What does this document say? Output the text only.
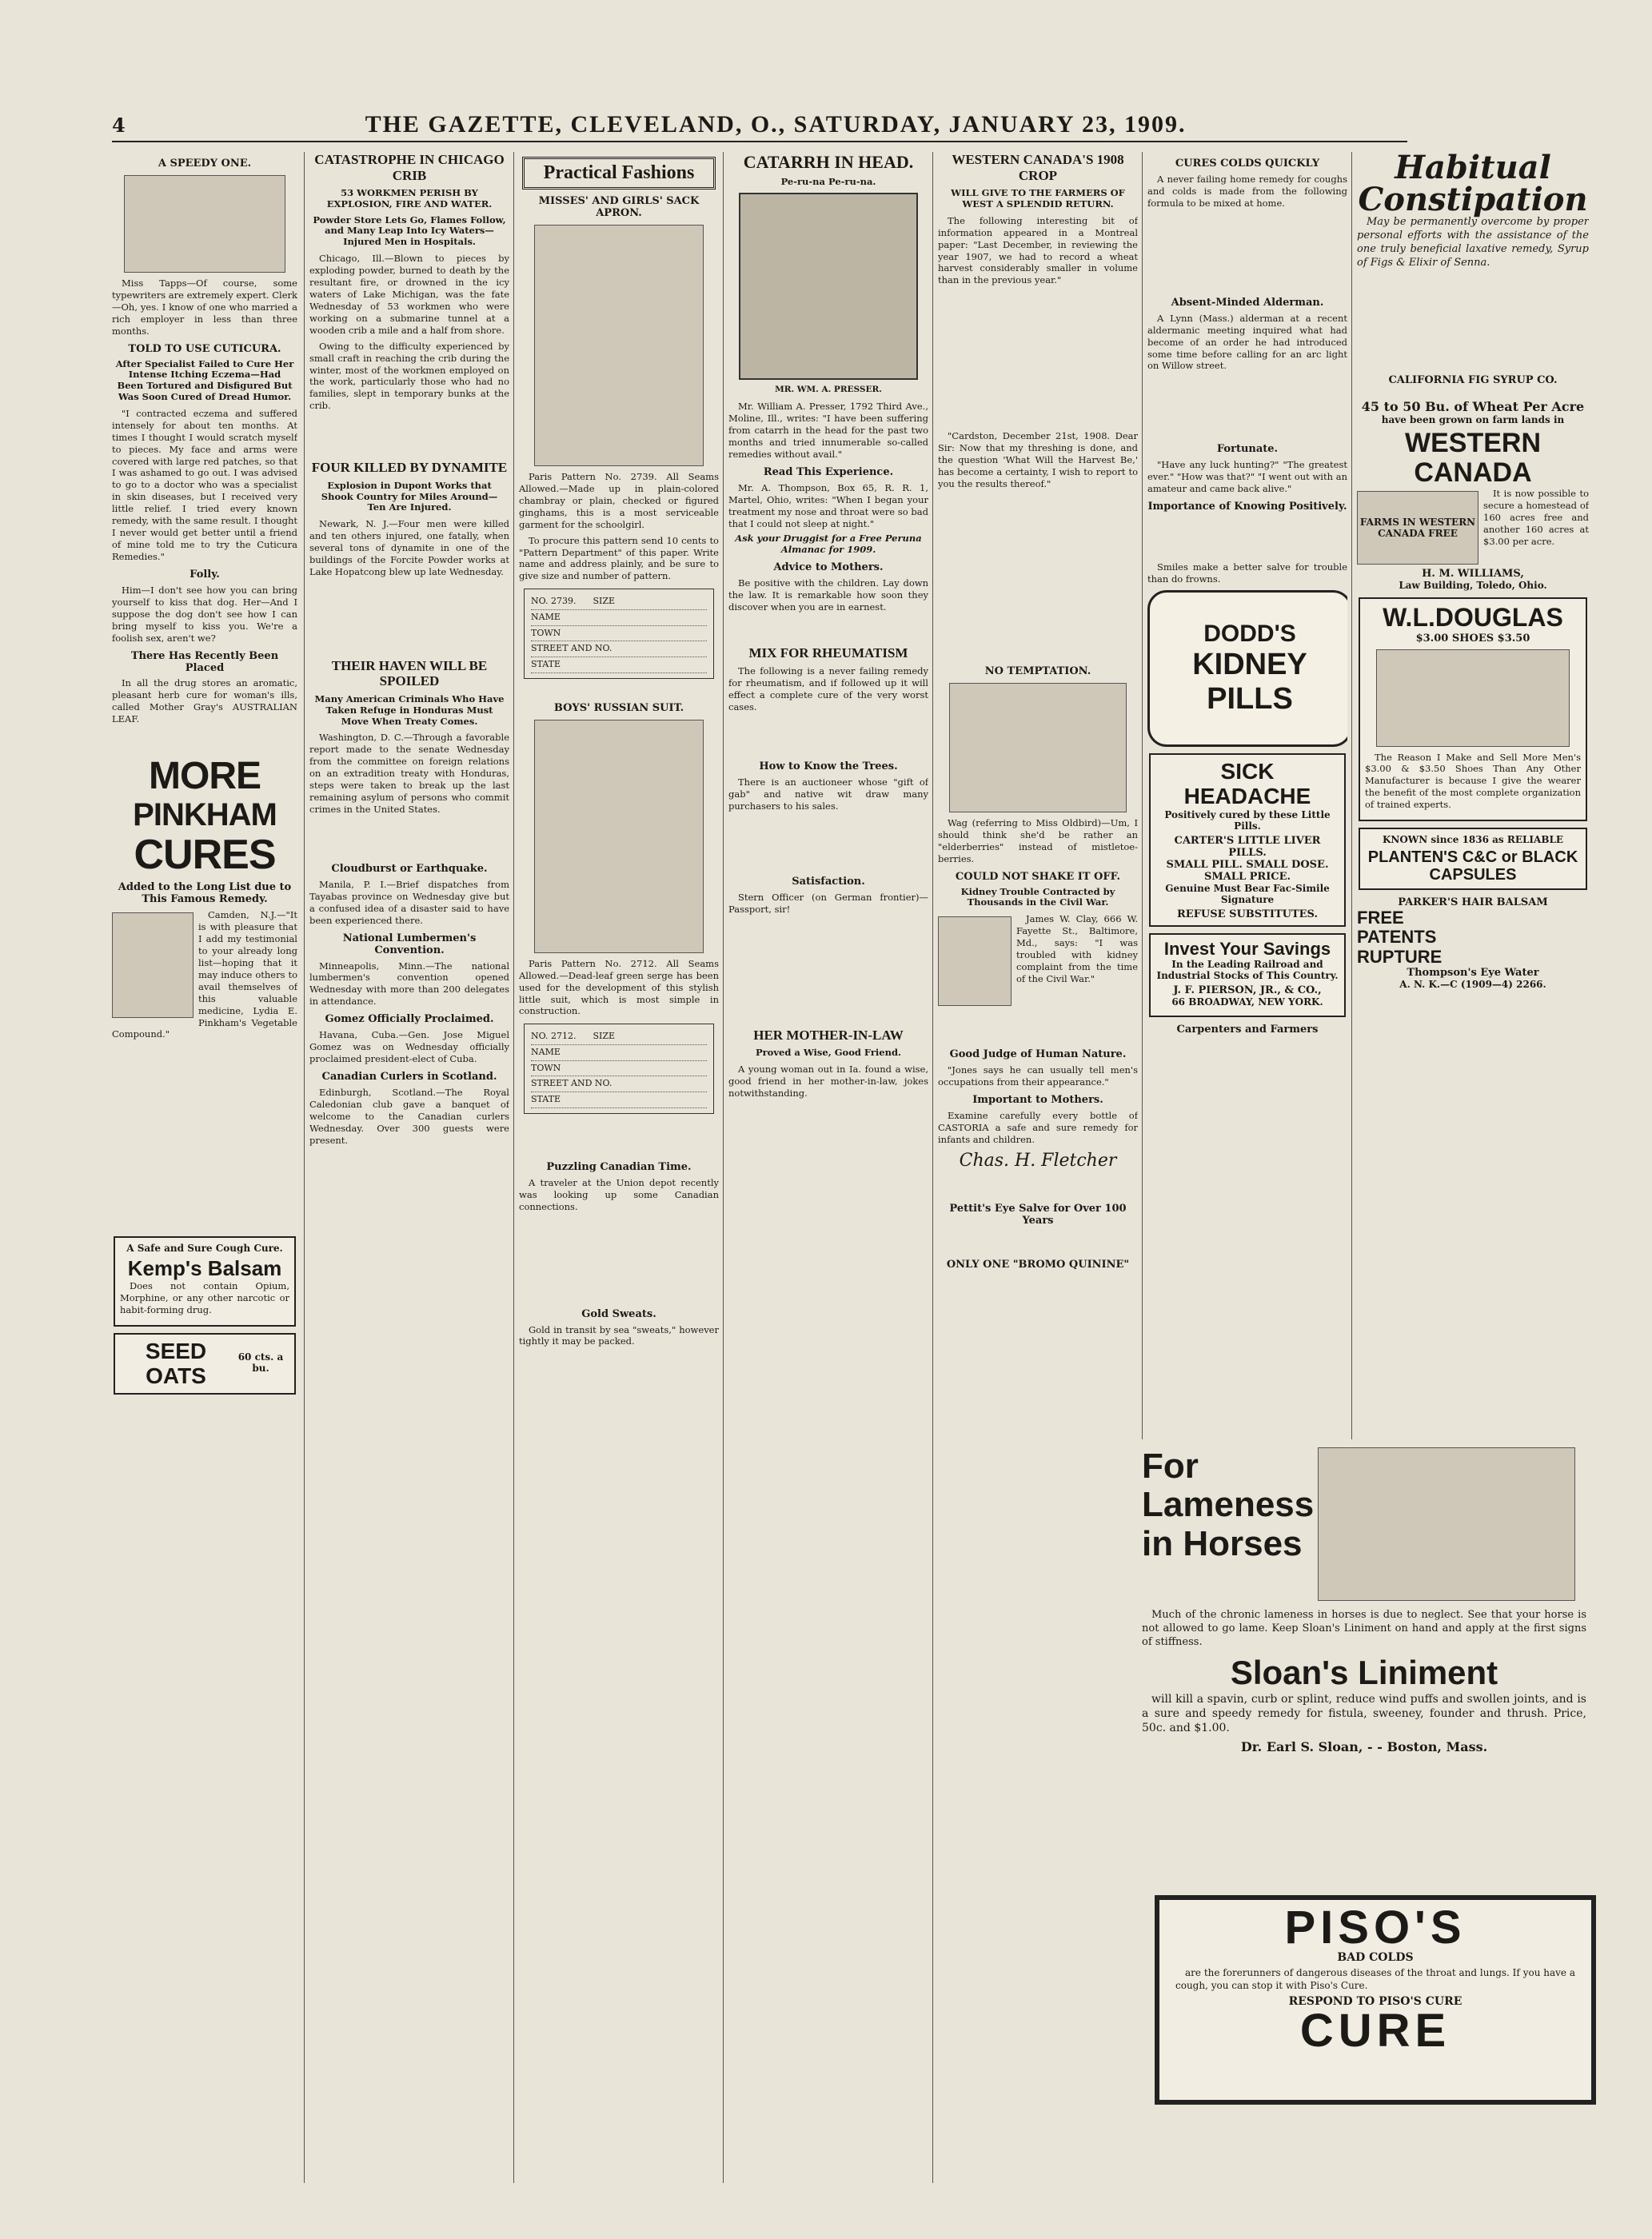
4	THE GAZETTE, CLEVELAND, O., SATURDAY, JANUARY 23, 1909.
A SPEEDY ONE.

Miss Tapps—Of course, some typewriters are extremely expert. Clerk—Oh, yes. I know of one who married a rich employer in less than three months.

TOLD TO USE CUTICURA.
After Specialist Failed to Cure Her Intense Itching Eczema—Had Been Tortured and Disfigured But Was Soon Cured of Dread Humor.

"I contracted eczema and suffered intensely for about ten months. At times I thought I would scratch myself to pieces. My face and arms were covered with large red patches, so that I was ashamed to go out. I was advised to go to a doctor who was a specialist in skin diseases, but I received very little relief. I tried every known remedy, with the same result. I thought I never would get better until a friend of mine told me to try the Cuticura Remedies."

Folly.

Him—I don't see how you can bring yourself to kiss that dog. Her—And I suppose the dog don't see how I can bring myself to kiss you. We're a foolish sex, aren't we?

There Has Recently Been Placed

In all the drug stores an aromatic, pleasant herb cure for woman's ills, called Mother Gray's AUSTRALIAN LEAF.

MORE
PINKHAM
CURES
Added to the Long List due to This Famous Remedy.

Camden, N.J.—"It is with pleasure that I add my testimonial to your already long list—hoping that it may induce others to avail themselves of this valuable medicine, Lydia E. Pinkham's Vegetable Compound."

A Safe and Sure Cough Cure.
Kemp's Balsam

Does not contain Opium, Morphine, or any other narcotic or habit-forming drug.

SEED OATS
60 cts. a bu.
CATASTROPHE IN CHICAGO CRIB
53 WORKMEN PERISH BY EXPLOSION, FIRE AND WATER.
Powder Store Lets Go, Flames Follow, and Many Leap Into Icy Waters—Injured Men in Hospitals.

Chicago, Ill.—Blown to pieces by exploding powder, burned to death by the resultant fire, or drowned in the icy waters of Lake Michigan, was the fate Wednesday of 53 workmen who were working on a submarine tunnel at a wooden crib a mile and a half from shore.

Owing to the difficulty experienced by small craft in reaching the crib during the winter, most of the workmen employed on the work, particularly those who had no families, slept in temporary bunks at the crib.

FOUR KILLED BY DYNAMITE
Explosion in Dupont Works that Shook Country for Miles Around—Ten Are Injured.

Newark, N. J.—Four men were killed and ten others injured, one fatally, when several tons of dynamite in one of the buildings of the Forcite Powder works at Lake Hopatcong blew up late Wednesday.

THEIR HAVEN WILL BE SPOILED
Many American Criminals Who Have Taken Refuge in Honduras Must Move When Treaty Comes.

Washington, D. C.—Through a favorable report made to the senate Wednesday from the committee on foreign relations on an extradition treaty with Honduras, steps were taken to break up the last remaining asylum of persons who commit crimes in the United States.

Cloudburst or Earthquake.

Manila, P. I.—Brief dispatches from Tayabas province on Wednesday give but a confused idea of a disaster said to have been experienced there.

National Lumbermen's Convention.

Minneapolis, Minn.—The national lumbermen's convention opened Wednesday with more than 200 delegates in attendance.

Gomez Officially Proclaimed.

Havana, Cuba.—Gen. Jose Miguel Gomez was on Wednesday officially proclaimed president-elect of Cuba.

Canadian Curlers in Scotland.

Edinburgh, Scotland.—The Royal Caledonian club gave a banquet of welcome to the Canadian curlers Wednesday. Over 300 guests were present.

Practical Fashions
MISSES' AND GIRLS' SACK APRON.

Paris Pattern No. 2739. All Seams Allowed.—Made up in plain-colored chambray or plain, checked or figured ginghams, this is a most serviceable garment for the schoolgirl.

To procure this pattern send 10 cents to "Pattern Department" of this paper. Write name and address plainly, and be sure to give size and number of pattern.

NO. 2739. SIZE
NAME
TOWN
STREET AND NO.
STATE
BOYS' RUSSIAN SUIT.

Paris Pattern No. 2712. All Seams Allowed.—Dead-leaf green serge has been used for the development of this stylish little suit, which is most simple in construction.

NO. 2712. SIZE
NAME
TOWN
STREET AND NO.
STATE
Puzzling Canadian Time.

A traveler at the Union depot recently was looking up some Canadian connections.

Gold Sweats.

Gold in transit by sea "sweats," however tightly it may be packed.

CATARRH IN HEAD.
Pe-ru-na Pe-ru-na.
MR. WM. A. PRESSER.

Mr. William A. Presser, 1792 Third Ave., Moline, Ill., writes: "I have been suffering from catarrh in the head for the past two months and tried innumerable so-called remedies without avail."

Read This Experience.

Mr. A. Thompson, Box 65, R. R. 1, Martel, Ohio, writes: "When I began your treatment my nose and throat were so bad that I could not sleep at night."

Ask your Druggist for a Free Peruna Almanac for 1909.
Advice to Mothers.

Be positive with the children. Lay down the law. It is remarkable how soon they discover when you are in earnest.

MIX FOR RHEUMATISM

The following is a never failing remedy for rheumatism, and if followed up it will effect a complete cure of the very worst cases.

How to Know the Trees.

There is an auctioneer whose "gift of gab" and native wit draw many purchasers to his sales.

Satisfaction.

Stern Officer (on German frontier)—Passport, sir!

HER MOTHER-IN-LAW
Proved a Wise, Good Friend.

A young woman out in Ia. found a wise, good friend in her mother-in-law, jokes notwithstanding.

WESTERN CANADA'S 1908 CROP
WILL GIVE TO THE FARMERS OF WEST A SPLENDID RETURN.

The following interesting bit of information appeared in a Montreal paper: "Last December, in reviewing the year 1907, we had to record a wheat harvest considerably smaller in volume than in the previous year."

"Cardston, December 21st, 1908. Dear Sir: Now that my threshing is done, and the question 'What Will the Harvest Be,' has become a certainty, I wish to report to you the results thereof."

NO TEMPTATION.

Wag (referring to Miss Oldbird)—Um, I should think she'd be rather an "elderberries" instead of mistletoe-berries.

COULD NOT SHAKE IT OFF.
Kidney Trouble Contracted by Thousands in the Civil War.

James W. Clay, 666 W. Fayette St., Baltimore, Md., says: "I was troubled with kidney complaint from the time of the Civil War."

Good Judge of Human Nature.

"Jones says he can usually tell men's occupations from their appearance."

Important to Mothers.

Examine carefully every bottle of CASTORIA a safe and sure remedy for infants and children.

Chas. H. Fletcher
Pettit's Eye Salve for Over 100 Years
ONLY ONE "BROMO QUININE"
CURES COLDS QUICKLY

A never failing home remedy for coughs and colds is made from the following formula to be mixed at home.

Absent-Minded Alderman.

A Lynn (Mass.) alderman at a recent aldermanic meeting inquired what had become of an order he had introduced some time before calling for an arc light on Willow street.

Fortunate.

"Have any luck hunting?" "The greatest ever." "How was that?" "I went out with an amateur and came back alive."

Importance of Knowing Positively.

Smiles make a better salve for trouble than do frowns.

DODD'S
KIDNEY
PILLS
SICK HEADACHE
Positively cured by these Little Pills.
CARTER'S LITTLE LIVER PILLS.
SMALL PILL. SMALL DOSE. SMALL PRICE.
Genuine Must Bear Fac-Simile Signature
REFUSE SUBSTITUTES.
Invest Your Savings
In the Leading Railroad and Industrial Stocks of This Country.
J. F. PIERSON, JR., & CO.,
66 BROADWAY, NEW YORK.
Carpenters and Farmers
Habitual
Constipation

May be permanently overcome by proper personal efforts with the assistance of the one truly beneficial laxative remedy, Syrup of Figs & Elixir of Senna.

CALIFORNIA FIG SYRUP CO.
45 to 50 Bu. of Wheat Per Acre
have been grown on farm lands in
WESTERN CANADA
FARMS IN WESTERN CANADA FREE

It is now possible to secure a homestead of 160 acres free and another 160 acres at $3.00 per acre.

H. M. WILLIAMS,
Law Building, Toledo, Ohio.
W.L.DOUGLAS
$3.00 SHOES $3.50

The Reason I Make and Sell More Men's $3.00 & $3.50 Shoes Than Any Other Manufacturer is because I give the wearer the benefit of the most complete organization of trained experts.

KNOWN since 1836 as RELIABLE
PLANTEN'S C&C or BLACK CAPSULES
PARKER'S HAIR BALSAM
FREE
PATENTS
RUPTURE
Thompson's Eye Water
A. N. K.—C (1909—4) 2266.
For
Lameness
in Horses

Much of the chronic lameness in horses is due to neglect. See that your horse is not allowed to go lame. Keep Sloan's Liniment on hand and apply at the first signs of stiffness.

Sloan's Liniment

will kill a spavin, curb or splint, reduce wind puffs and swollen joints, and is a sure and speedy remedy for fistula, sweeney, founder and thrush. Price, 50c. and $1.00.

Dr. Earl S. Sloan, - - Boston, Mass.
PISO'S
BAD COLDS

are the forerunners of dangerous diseases of the throat and lungs. If you have a cough, you can stop it with Piso's Cure.

RESPOND TO PISO'S CURE
CURE
